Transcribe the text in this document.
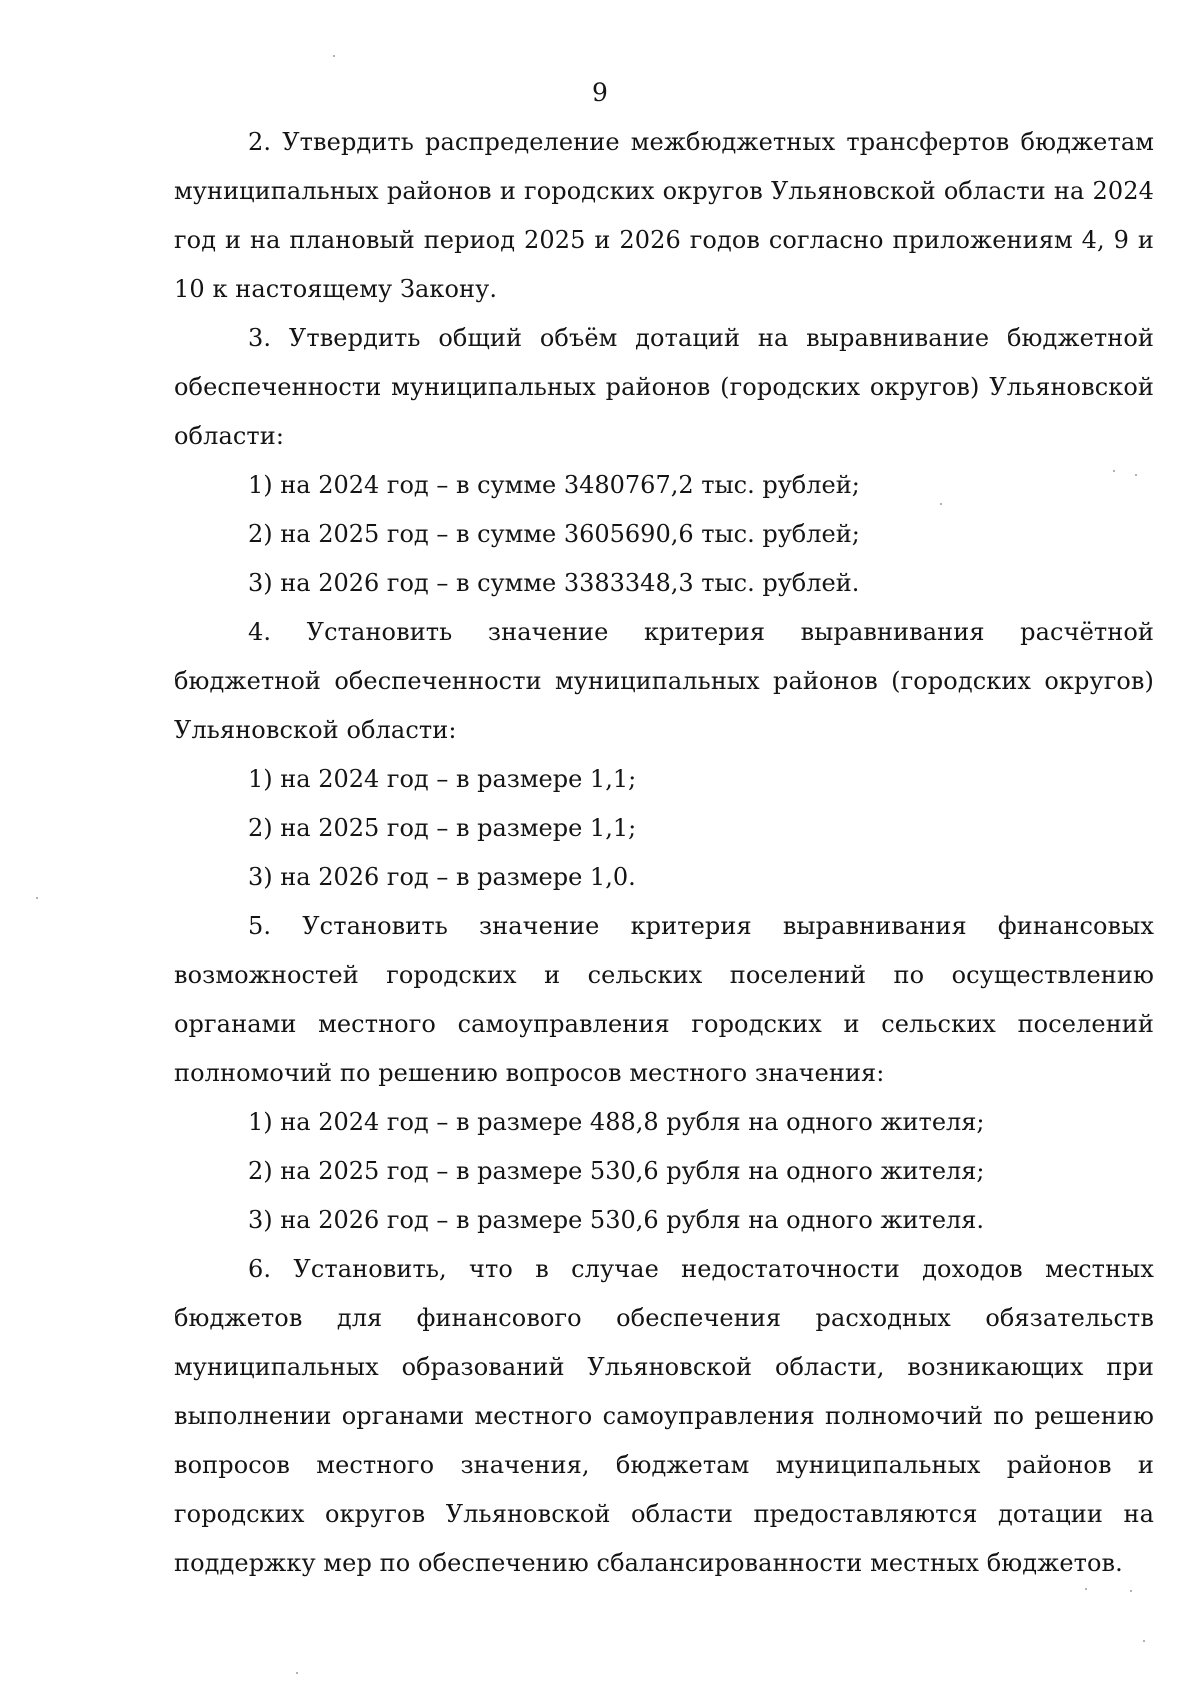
9

2. Утвердить распределение межбюджетных трансфертов бюджетам муниципальных районов и городских округов Ульяновской области на 2024 год и на плановый период 2025 и 2026 годов согласно приложениям 4, 9 и 10 к настоящему Закону.

3. Утвердить общий объём дотаций на выравнивание бюджетной обеспеченности муниципальных районов (городских округов) Ульяновской области:

1) на 2024 год – в сумме 3480767,2 тыс. рублей;

2) на 2025 год – в сумме 3605690,6 тыс. рублей;

3) на 2026 год – в сумме 3383348,3 тыс. рублей.

4. Установить значение критерия выравнивания расчётной бюджетной обеспеченности муниципальных районов (городских округов) Ульяновской области:

1) на 2024 год – в размере 1,1;

2) на 2025 год – в размере 1,1;

3) на 2026 год – в размере 1,0.

5. Установить значение критерия выравнивания финансовых возможностей городских и сельских поселений по осуществлению органами местного самоуправления городских и сельских поселений полномочий по решению вопросов местного значения:

1) на 2024 год – в размере 488,8 рубля на одного жителя;

2) на 2025 год – в размере 530,6 рубля на одного жителя;

3) на 2026 год – в размере 530,6 рубля на одного жителя.

6. Установить, что в случае недостаточности доходов местных бюджетов для финансового обеспечения расходных обязательств муниципальных образований Ульяновской области, возникающих при выполнении органами местного самоуправления полномочий по решению вопросов местного значения, бюджетам муниципальных районов и городских округов Ульяновской области предоставляются дотации на поддержку мер по обеспечению сбалансированности местных бюджетов.
